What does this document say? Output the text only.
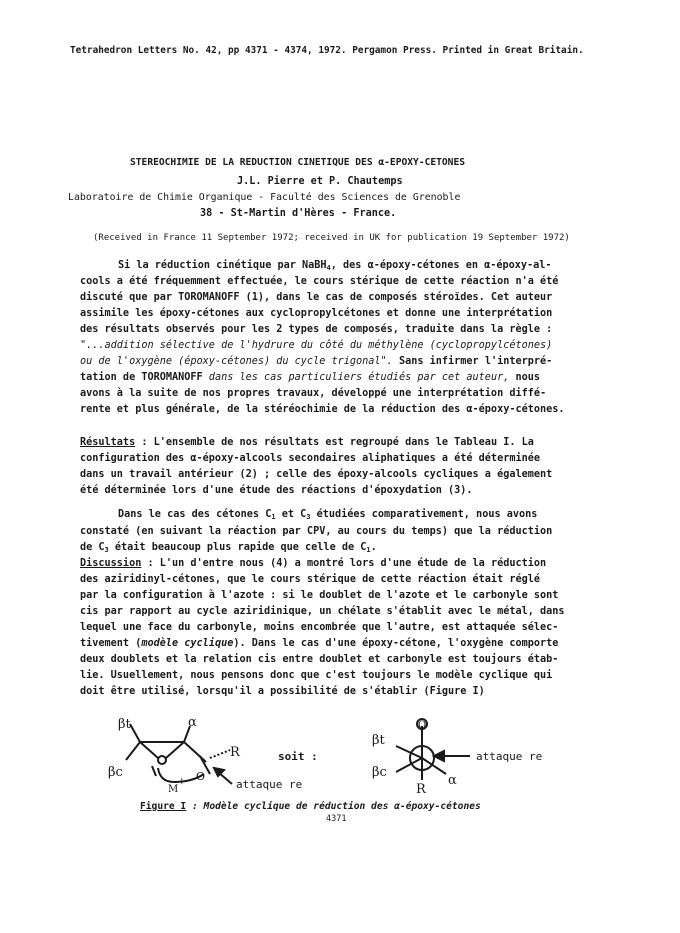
Tetrahedron Letters No. 42, pp 4371 - 4374, 1972. Pergamon Press. Printed in Great Britain.
STEREOCHIMIE DE LA REDUCTION CINETIQUE DES α-EPOXY-CETONES
J.L. Pierre et P. Chautemps
Laboratoire de Chimie Organique - Faculté des Sciences de Grenoble
38 - St-Martin d'Hères - France.
(Received in France 11 September 1972; received in UK for publication 19 September 1972)
Si la réduction cinétique par NaBH$_4$, des α-époxy-cétones en α-époxy-al-
cools a été fréquemment effectuée, le cours stérique de cette réaction n'a été
discuté que par TOROMANOFF (1), dans le cas de composés stéroïdes. Cet auteur
assimile les époxy-cétones aux cyclopropylcétones et donne une interprétation
des résultats observés pour les 2 types de composés, traduite dans la règle :
"...addition sélective de l'hydrure du côté du méthylène (cyclopropylcétones)
ou de l'oxygène (époxy-cétones) du cycle trigonal". Sans infirmer l'interpré-
tation de TOROMANOFF dans les cas particuliers étudiés par cet auteur, nous
avons à la suite de nos propres travaux, développé une interprétation diffé-
rente et plus générale, de la stéréochimie de la réduction des α-époxy-cétones.
Résultats : L'ensemble de nos résultats est regroupé dans le Tableau I. La
configuration des α-époxy-alcools secondaires aliphatiques a été déterminée
dans un travail antérieur (2) ; celle des époxy-alcools cycliques a également
été déterminée lors d'une étude des réactions d'époxydation (3).
Dans le cas des cétones $C_1$ et $C_3$ étudiées comparativement, nous avons
constaté (en suivant la réaction par CPV, au cours du temps) que la réduction
de $C_3$ était beaucoup plus rapide que celle de $C_1$.
Discussion : L'un d'entre nous (4) a montré lors d'une étude de la réduction
des aziridinyl-cétones, que le cours stérique de cette réaction était réglé
par la configuration à l'azote : si le doublet de l'azote et le carbonyle sont
cis par rapport au cycle aziridinique, un chélate s'établit avec le métal, dans
lequel une face du carbonyle, moins encombrée que l'autre, est attaquée sélec-
tivement (modèle cyclique). Dans le cas d'une époxy-cétone, l'oxygène comporte
deux doublets et la relation cis entre doublet et carbonyle est toujours étab-
lie. Usuellement, nous pensons donc que c'est toujours le modèle cyclique qui
doit être utilisé, lorsqu'il a possibilité de s'établir (Figure I)
βt	α
βc
R
M
+ O
attaque re
soit :
O
βt
βc
α
R
attaque re
Figure I : Modèle cyclique de réduction des α-époxy-cétones
4371
